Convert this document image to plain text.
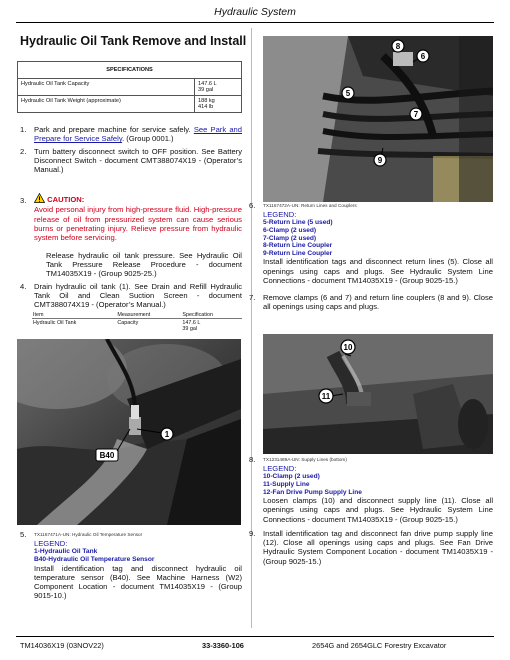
Hydraulic System
Hydraulic Oil Tank Remove and Install
SPECIFICATIONS	
Hydraulic Oil Tank Capacity	147.6 L
39 gal

Hydraulic Oil Tank Weight (approximate)	188 kg
414 lb
1. Park and prepare machine for service safely. See Park and Prepare for Service Safely. (Group 0001.)
2. Turn battery disconnect switch to OFF position. See Battery Disconnect Switch - document CMT388074X19 - (Operator’s Manual.)
3.	CAUTION:
Avoid personal injury from high-pressure fluid. High-pressure release of oil from pressurized system can cause serious burns or penetrating injury. Relieve pressure from hydraulic system before servicing.
Release hydraulic oil tank pressure. See Hydraulic Oil Tank Pressure Release Procedure - document TM14035X19 - (Group 9025-25.)
4. Drain hydraulic oil tank (1). See Drain and Refill Hydraulic Tank Oil and Clean Suction Screen - document CMT388074X19 - (Operator’s Manual.)
Item	Measurement	Specification
Hydraulic Oil Tank	Capacity	147.6 L
39 gal
1
B40
5. TX1167471A-UN: Hydraulic Oil Temperature Sensor
LEGEND:
1-Hydraulic Oil Tank
B40-Hydraulic Oil Temperature Sensor
Install identification tag and disconnect hydraulic oil temperature sensor (B40). See Machine Harness (W2) Component Location - document TM14035X19 - (Group 9015-10.)
8
6
5
7
9
6. TX1167472A-UN: Return Lines and Couplers
LEGEND:
5-Return Line (5 used)
6-Clamp (2 used)
7-Clamp (2 used)
8-Return Line Coupler
9-Return Line Coupler
Install identification tags and disconnect return lines (5). Close all openings using caps and plugs. See Hydraulic System Line Connections - document TM14035X19 - (Group 9025-15.)
7. Remove clamps (6 and 7) and return line couplers (8 and 9). Close all openings using caps and plugs.
10
11
8. TX1231489A-UN: Supply Lines (bottom)
LEGEND:
10-Clamp (2 used)
11-Supply Line
12-Fan Drive Pump Supply Line
Loosen clamps (10) and disconnect supply line (11). Close all openings using caps and plugs. See Hydraulic System Line Connections - document TM14035X19 - (Group 9025-15.)
9. Install identification tag and disconnect fan drive pump supply line (12). Close all openings using caps and plugs. See Fan Drive Hydraulic System Component Location - document TM14035X19 - (Group 9025-15.)
TM14036X19 (03NOV22)	33-3360-106	2654G and 2654GLC Forestry Excavator
